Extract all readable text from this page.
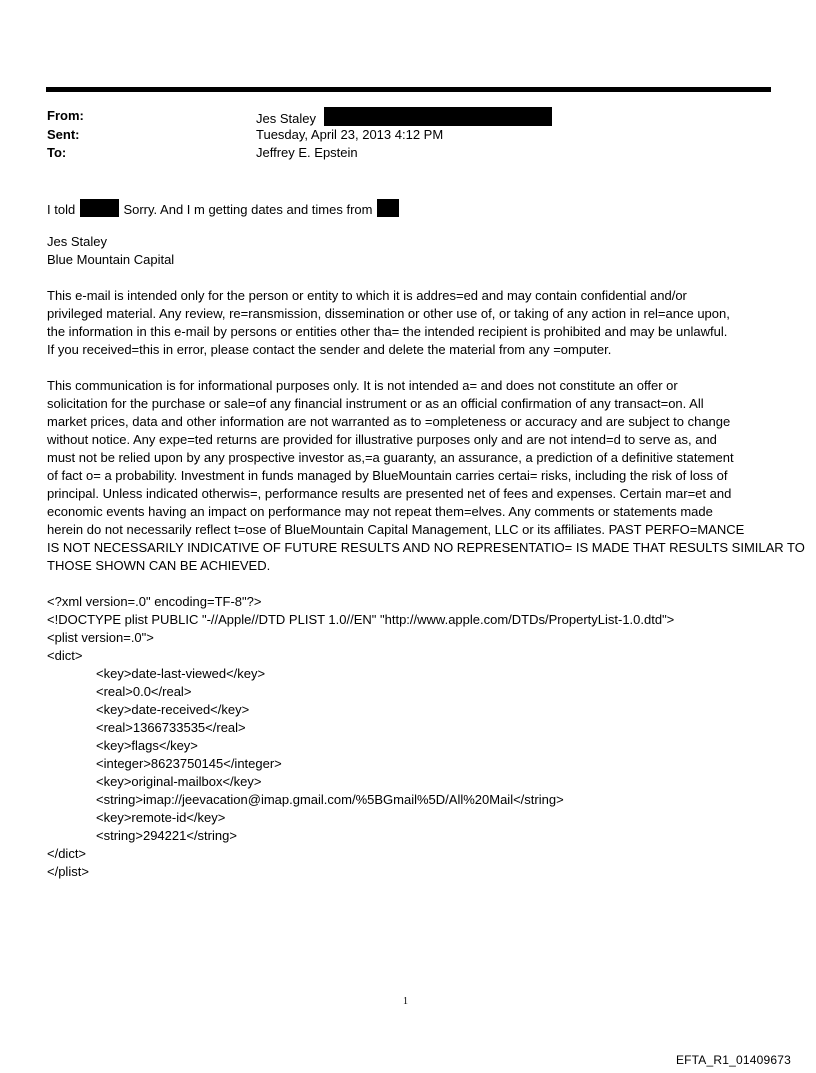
From:	Jes Staley
Sent:	Tuesday, April 23, 2013 4:12 PM
To:	Jeffrey E. Epstein
I told	Sorry. And I m getting dates and times from
Jes Staley
Blue Mountain Capital
This e-mail is intended only for the person or entity to which it is addres=ed and may contain confidential and/or
privileged material. Any review, re=ransmission, dissemination or other use of, or taking of any action in rel=ance upon,
the information in this e-mail by persons or entities other tha= the intended recipient is prohibited and may be unlawful.
If you received=this in error, please contact the sender and delete the material from any =omputer.
This communication is for informational purposes only. It is not intended a= and does not constitute an offer or
solicitation for the purchase or sale=of any financial instrument or as an official confirmation of any transact=on. All
market prices, data and other information are not warranted as to =ompleteness or accuracy and are subject to change
without notice. Any expe=ted returns are provided for illustrative purposes only and are not intend=d to serve as, and
must not be relied upon by any prospective investor as,=a guaranty, an assurance, a prediction of a definitive statement
of fact o= a probability. Investment in funds managed by BlueMountain carries certai= risks, including the risk of loss of
principal. Unless indicated otherwis=, performance results are presented net of fees and expenses. Certain mar=et and
economic events having an impact on performance may not repeat them=elves. Any comments or statements made
herein do not necessarily reflect t=ose of BlueMountain Capital Management, LLC or its affiliates. PAST PERFO=MANCE
IS NOT NECESSARILY INDICATIVE OF FUTURE RESULTS AND NO REPRESENTATIO= IS MADE THAT RESULTS SIMILAR TO
THOSE SHOWN CAN BE ACHIEVED.

<?xml version=.0" encoding=TF-8"?>
<!DOCTYPE plist PUBLIC "-//Apple//DTD PLIST 1.0//EN" "http://www.apple.com/DTDs/PropertyList-1.0.dtd">
<plist version=.0">
<dict>
<key>date-last-viewed</key>
<real>0.0</real>
<key>date-received</key>
<real>1366733535</real>
<key>flags</key>
<integer>8623750145</integer>
<key>original-mailbox</key>
<string>imap://jeevacation@imap.gmail.com/%5BGmail%5D/All%20Mail</string>
<key>remote-id</key>
<string>294221</string>
</dict>
</plist>

1
EFTA_R1_01409673
